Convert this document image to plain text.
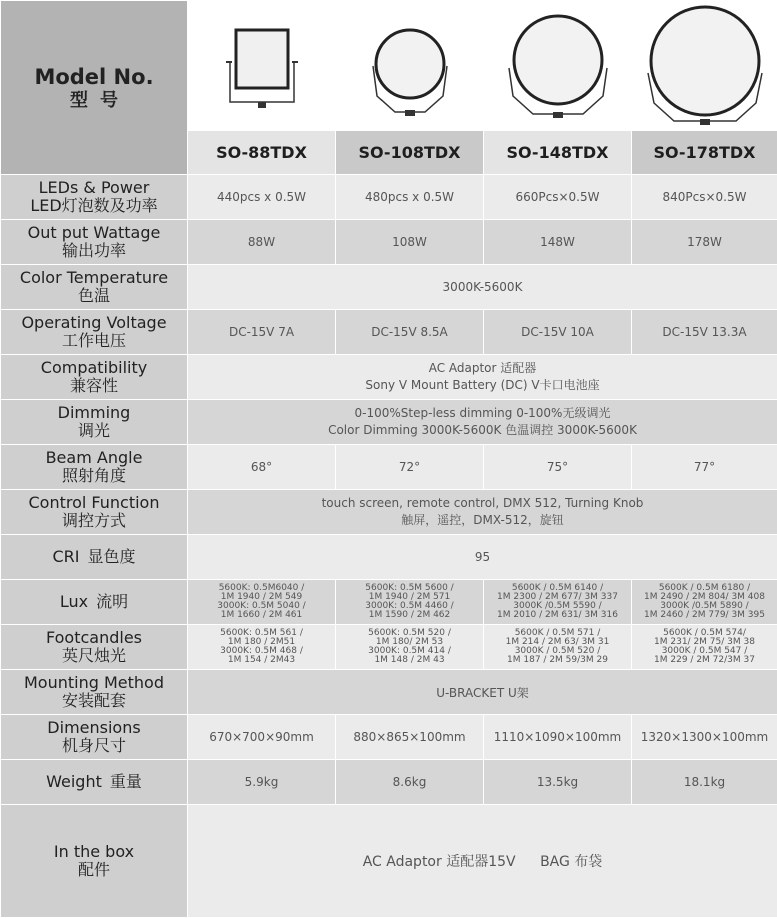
Model No.
型号

	SO-88TDX	SO-108TDX	SO-148TDX	SO-178TDX

LEDs & Power
LED灯泡数及功率	440pcs x 0.5W	480pcs x 0.5W	660Pcs×0.5W	840Pcs×0.5W

Out put Wattage
输出功率	88W	108W	148W	178W

Color Temperature
色温	3000K-5600K			

Operating Voltage
工作电压	DC-15V 7A	DC-15V 8.5A	DC-15V 10A	DC-15V 13.3A

Compatibility
兼容性	AC Adaptor 适配器
Sony V Mount Battery (DC) V卡口电池座			

Dimming
调光	0-100%Step-less dimming 0-100%无级调光
Color Dimming 3000K-5600K 色温调控 3000K-5600K			

Beam Angle
照射角度	68°	72°	75°	77°

Control Function
调控方式	touch screen, remote control, DMX 512, Turning Knob
触屏，遥控，DMX-512，旋钮			

CRI 显色度	95			
Lux 流明	5600K: 0.5M6040 /
1M 1940 / 2M 549
3000K: 0.5M 5040 /
1M 1660 / 2M 461	5600K: 0.5M 5600 /
1M 1940 / 2M 571
3000K: 0.5M 4460 /
1M 1590 / 2M 462	5600K / 0.5M 6140 /
1M 2300 / 2M 677/ 3M 337
3000K /0.5M 5590 /
1M 2010 / 2M 631/ 3M 316	5600K / 0.5M 6180 /
1M 2490 / 2M 804/ 3M 408
3000K /0.5M 5890 /
1M 2460 / 2M 779/ 3M 395

Footcandles
英尺烛光	5600K: 0.5M 561 /
1M 180 / 2M51
3000K: 0.5M 468 /
1M 154 / 2M43	5600K: 0.5M 520 /
1M 180/ 2M 53
3000K: 0.5M 414 /
1M 148 / 2M 43	5600K / 0.5M 571 /
1M 214 / 2M 63/ 3M 31
3000K / 0.5M 520 /
1M 187 / 2M 59/3M 29	5600K / 0.5M 574/
1M 231/ 2M 75/ 3M 38
3000K / 0.5M 547 /
1M 229 / 2M 72/3M 37

Mounting Method
安装配套	U-BRACKET U架			

Dimensions
机身尺寸	670×700×90mm	880×865×100mm	1110×1090×100mm	1320×1300×100mm
Weight 重量	5.9kg	8.6kg	13.5kg	18.1kg

In the box
配件	AC Adaptor 适配器15V BAG 布袋			
